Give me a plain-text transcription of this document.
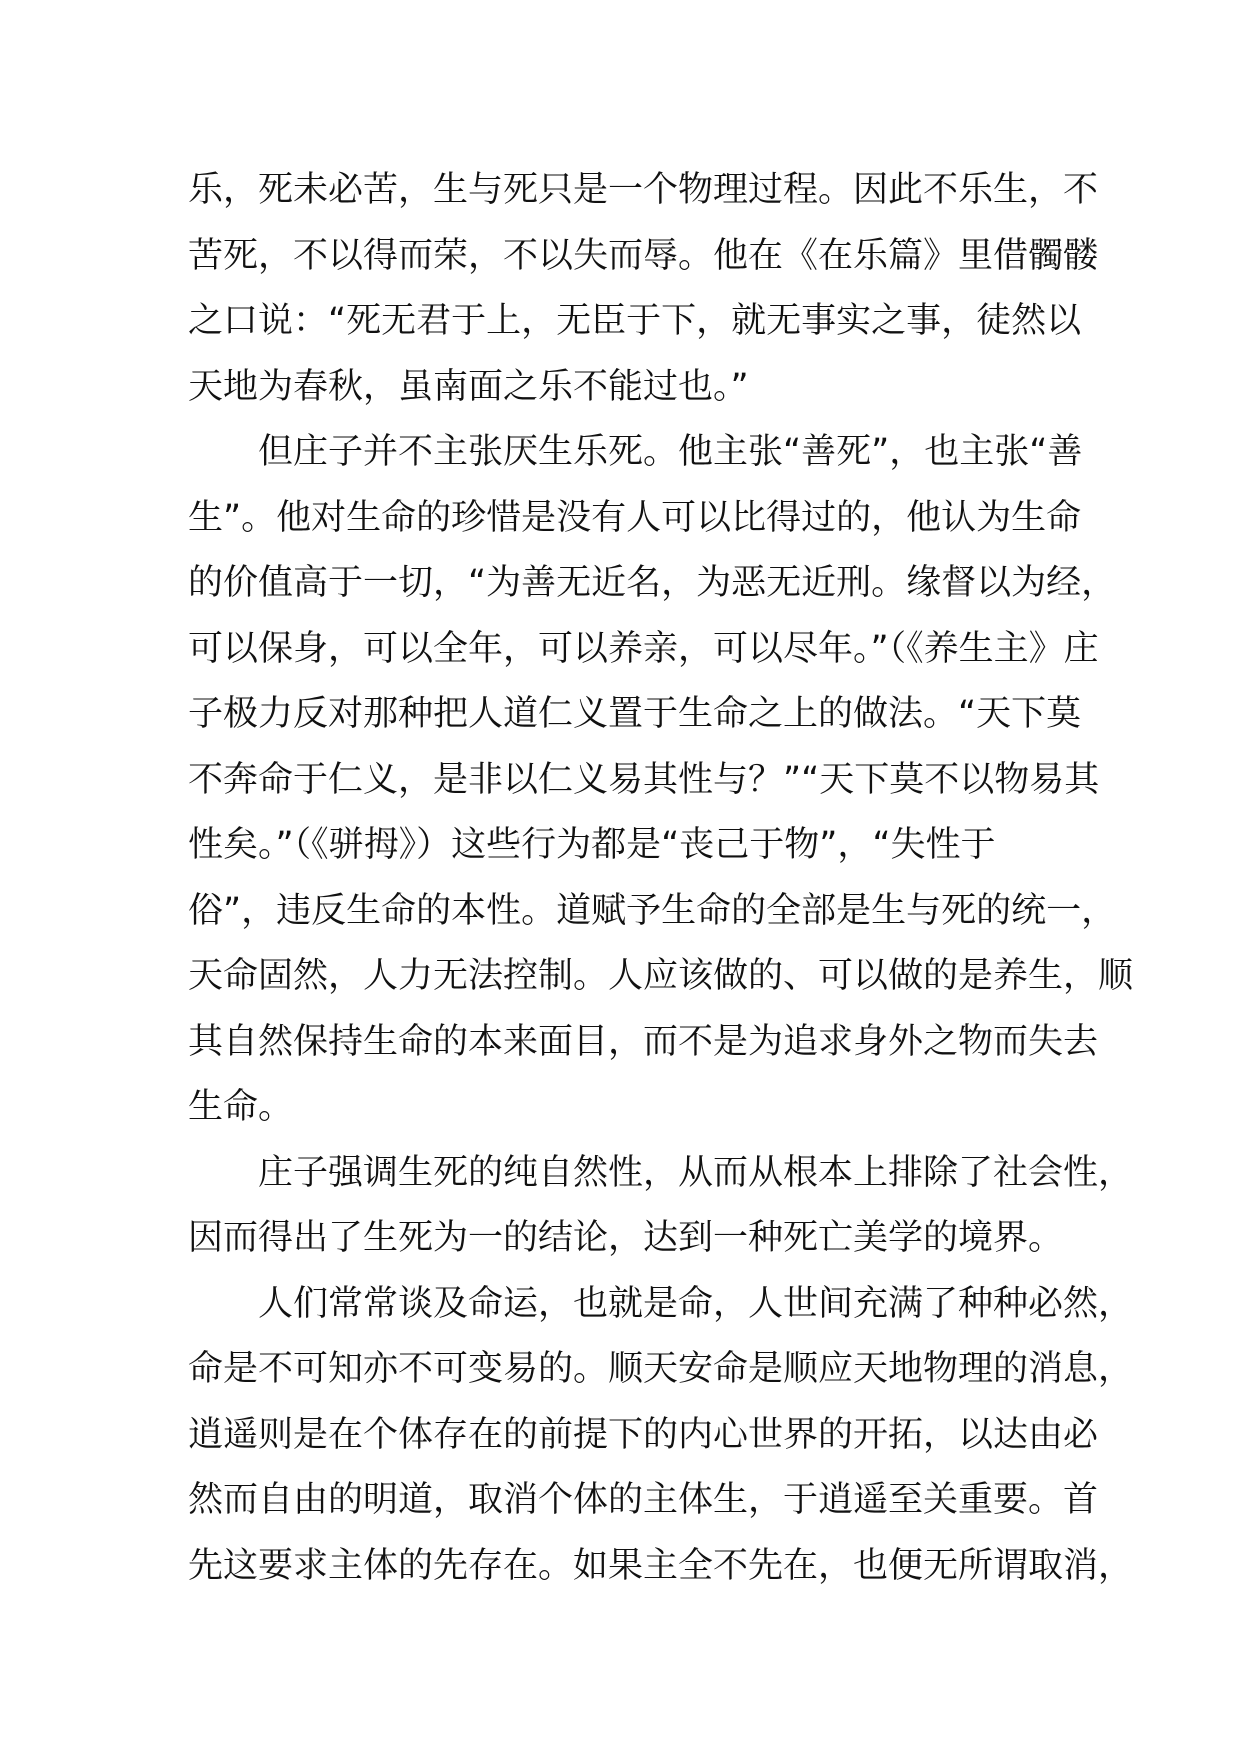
乐，死未必苦，生与死只是一个物理过程。因此不乐生，不
苦死，不以得而荣，不以失而辱。他在《在乐篇》里借髑髅
之口说：“死无君于上，无臣于下，就无事实之事，徒然以
天地为春秋，虽南面之乐不能过也。”

但庄子并不主张厌生乐死。他主张“善死”，也主张“善
生”。他对生命的珍惜是没有人可以比得过的，他认为生命
的价值高于一切，“为善无近名，为恶无近刑。缘督以为经，
可以保身，可以全年，可以养亲，可以尽年。”（《养生主》庄
子极力反对那种把人道仁义置于生命之上的做法。“天下莫
不奔命于仁义，是非以仁义易其性与？”“天下莫不以物易其
性矣。”（《骈拇》）这些行为都是“丧己于物”，“失性于
俗”，违反生命的本性。道赋予生命的全部是生与死的统一，
天命固然，人力无法控制。人应该做的、可以做的是养生，顺
其自然保持生命的本来面目，而不是为追求身外之物而失去
生命。

庄子强调生死的纯自然性，从而从根本上排除了社会性，
因而得出了生死为一的结论，达到一种死亡美学的境界。

人们常常谈及命运，也就是命，人世间充满了种种必然，
命是不可知亦不可变易的。顺天安命是顺应天地物理的消息，
逍遥则是在个体存在的前提下的内心世界的开拓，以达由必
然而自由的明道，取消个体的主体生，于逍遥至关重要。首
先这要求主体的先存在。如果主全不先在，也便无所谓取消，
